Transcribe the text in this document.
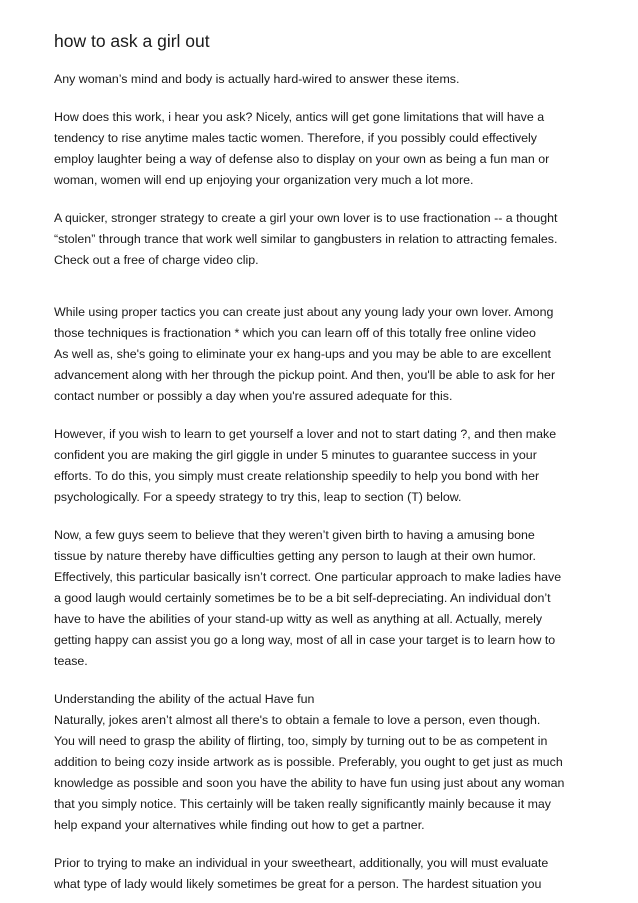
how to ask a girl out

Any woman’s mind and body is actually hard-wired to answer these items.

How does this work, i hear you ask? Nicely, antics will get gone limitations that will have a

tendency to rise anytime males tactic women. Therefore, if you possibly could effectively

employ laughter being a way of defense also to display on your own as being a fun man or

woman, women will end up enjoying your organization very much a lot more.

A quicker, stronger strategy to create a girl your own lover is to use fractionation -- a thought

“stolen” through trance that work well similar to gangbusters in relation to attracting females.

Check out a free of charge video clip.

While using proper tactics you can create just about any young lady your own lover. Among

those techniques is fractionation * which you can learn off of this totally free online video

As well as, she's going to eliminate your ex hang-ups and you may be able to are excellent

advancement along with her through the pickup point. And then, you'll be able to ask for her

contact number or possibly a day when you're assured adequate for this.

However, if you wish to learn to get yourself a lover and not to start dating ?, and then make

confident you are making the girl giggle in under 5 minutes to guarantee success in your

efforts. To do this, you simply must create relationship speedily to help you bond with her

psychologically. For a speedy strategy to try this, leap to section (T) below.

Now, a few guys seem to believe that they weren’t given birth to having a amusing bone

tissue by nature thereby have difficulties getting any person to laugh at their own humor.

Effectively, this particular basically isn’t correct. One particular approach to make ladies have

a good laugh would certainly sometimes be to be a bit self-depreciating. An individual don’t

have to have the abilities of your stand-up witty as well as anything at all. Actually, merely

getting happy can assist you go a long way, most of all in case your target is to learn how to

tease.

Understanding the ability of the actual Have fun

Naturally, jokes aren’t almost all there's to obtain a female to love a person, even though.

You will need to grasp the ability of flirting, too, simply by turning out to be as competent in

addition to being cozy inside artwork as is possible. Preferably, you ought to get just as much

knowledge as possible and soon you have the ability to have fun using just about any woman

that you simply notice. This certainly will be taken really significantly mainly because it may

help expand your alternatives while finding out how to get a partner.

Prior to trying to make an individual in your sweetheart, additionally, you will must evaluate

what type of lady would likely sometimes be great for a person. The hardest situation you
